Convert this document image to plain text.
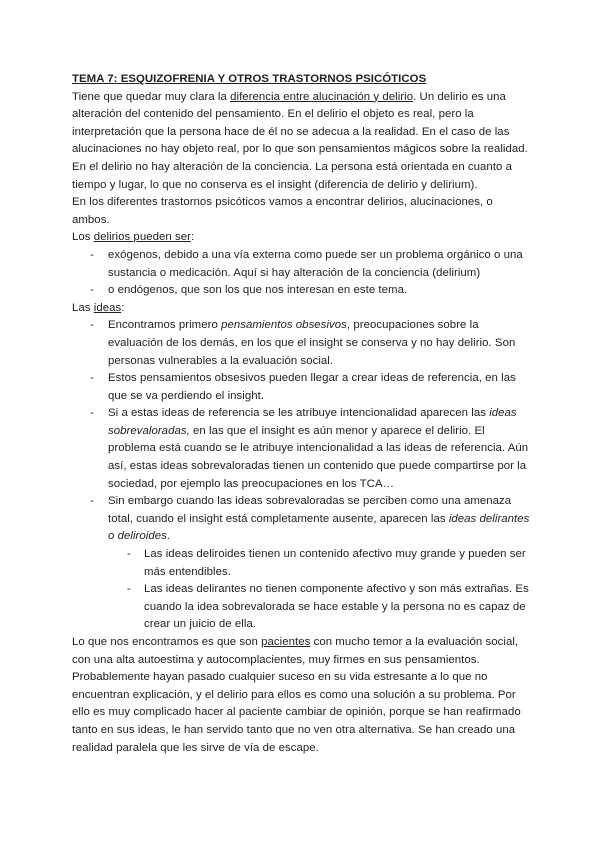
TEMA 7: ESQUIZOFRENIA Y OTROS TRASTORNOS PSICÓTICOS

Tiene que quedar muy clara la diferencia entre alucinación y delirio. Un delirio es una alteración del contenido del pensamiento. En el delirio el objeto es real, pero la interpretación que la persona hace de él no se adecua a la realidad. En el caso de las alucinaciones no hay objeto real, por lo que son pensamientos mágicos sobre la realidad. En el delirio no hay alteración de la conciencia. La persona está orientada en cuanto a tiempo y lugar, lo que no conserva es el insight (diferencia de delirio y delirium).

En los diferentes trastornos psicóticos vamos a encontrar delirios, alucinaciones, o ambos.

Los delirios pueden ser:

- exógenos, debido a una vía externa como puede ser un problema orgánico o una sustancia o medicación. Aquí si hay alteración de la conciencia (delirium)
- o endógenos, que son los que nos interesan en este tema.

Las ideas:

- Encontramos primero pensamientos obsesivos, preocupaciones sobre la evaluación de los demás, en los que el insight se conserva y no hay delirio. Son personas vulnerables a la evaluación social.
- Estos pensamientos obsesivos pueden llegar a crear ideas de referencia, en las que se va perdiendo el insight.
- Si a estas ideas de referencia se les atribuye intencionalidad aparecen las ideas sobrevaloradas, en las que el insight es aún menor y aparece el delirio. El problema está cuando se le atribuye intencionalidad a las ideas de referencia. Aún así, estas ideas sobrevaloradas tienen un contenido que puede compartirse por la sociedad, por ejemplo las preocupaciones en los TCA…
- Sin embargo cuando las ideas sobrevaloradas se perciben como una amenaza total, cuando el insight está completamente ausente, aparecen las ideas delirantes o deliroides.
- Las ideas deliroides tienen un contenido afectivo muy grande y pueden ser más entendibles.
- Las ideas delirantes no tienen componente afectivo y son más extrañas. Es cuando la idea sobrevalorada se hace estable y la persona no es capaz de crear un juicio de ella.

Lo que nos encontramos es que son pacientes con mucho temor a la evaluación social, con una alta autoestima y autocomplacientes, muy firmes en sus pensamientos. Probablemente hayan pasado cualquier suceso en su vida estresante a lo que no encuentran explicación, y el delirio para ellos es como una solución a su problema. Por ello es muy complicado hacer al paciente cambiar de opinión, porque se han reafirmado tanto en sus ideas, le han servido tanto que no ven otra alternativa. Se han creado una realidad paralela que les sirve de vía de escape.
